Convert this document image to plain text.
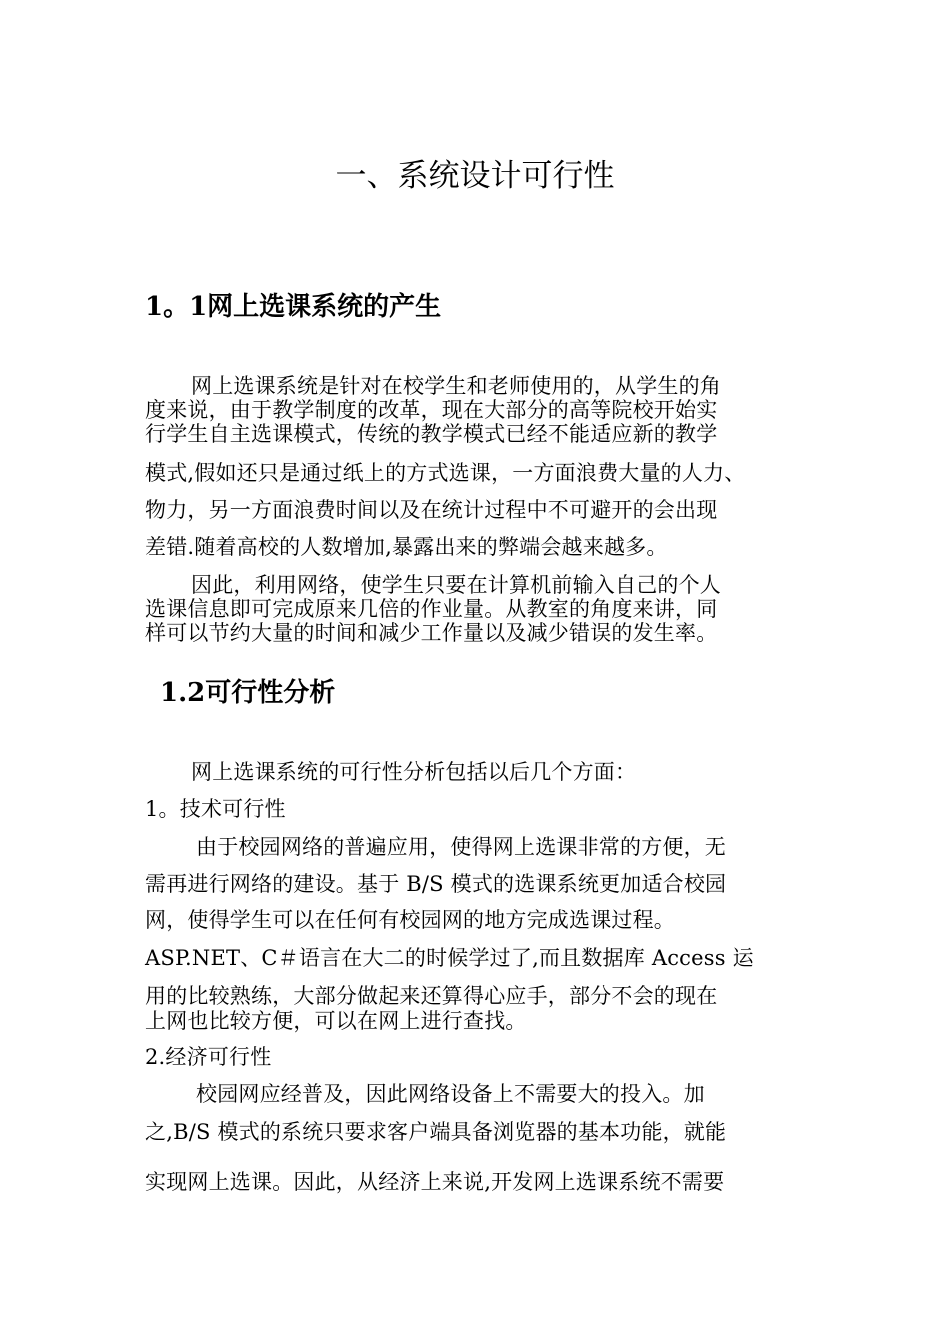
一、系统设计可行性
1。1网上选课系统的产生
网上选课系统是针对在校学生和老师使用的，从学生的角
度来说，由于教学制度的改革，现在大部分的高等院校开始实
行学生自主选课模式，传统的教学模式已经不能适应新的教学
模式,假如还只是通过纸上的方式选课，一方面浪费大量的人力、
物力，另一方面浪费时间以及在统计过程中不可避开的会出现
差错.随着高校的人数增加,暴露出来的弊端会越来越多。
因此，利用网络，使学生只要在计算机前输入自己的个人
选课信息即可完成原来几倍的作业量。从教室的角度来讲，同
样可以节约大量的时间和减少工作量以及减少错误的发生率。
1.2可行性分析
网上选课系统的可行性分析包括以后几个方面：
1。技术可行性
由于校园网络的普遍应用，使得网上选课非常的方便，无
需再进行网络的建设。基于 B/S 模式的选课系统更加适合校园
网，使得学生可以在任何有校园网的地方完成选课过程。
ASP.NET、C＃语言在大二的时候学过了,而且数据库 Access 运
用的比较熟练，大部分做起来还算得心应手，部分不会的现在
上网也比较方便，可以在网上进行查找。
2.经济可行性
校园网应经普及，因此网络设备上不需要大的投入。加
之,B/S 模式的系统只要求客户端具备浏览器的基本功能，就能
实现网上选课。因此，从经济上来说,开发网上选课系统不需要
